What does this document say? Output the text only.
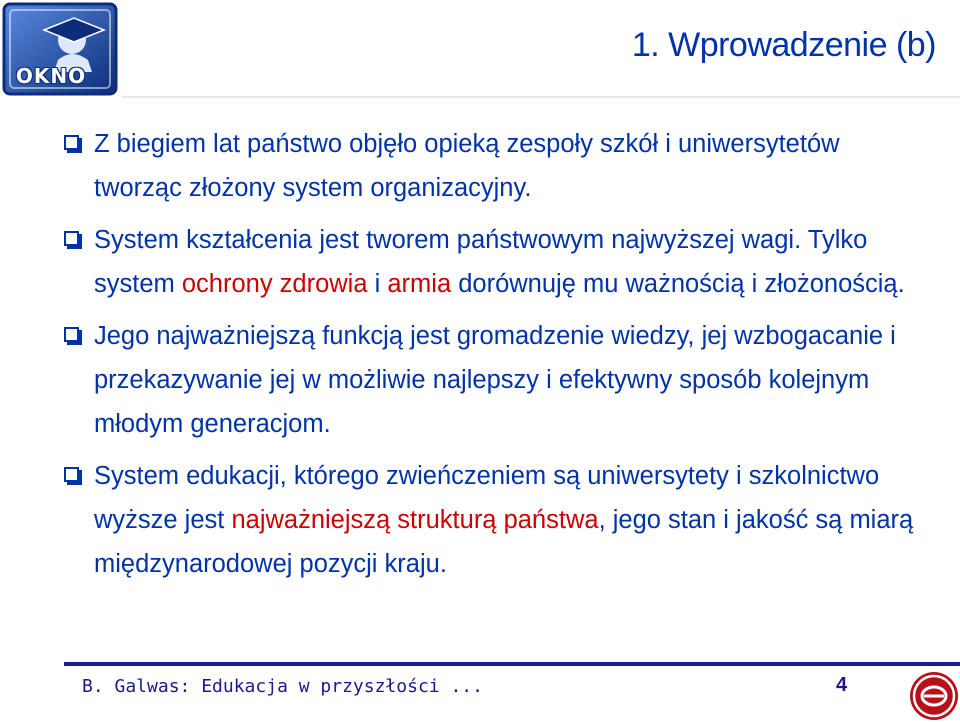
OKNO
1. Wprowadzenie (b)
Z biegiem lat państwo objęło opieką zespoły szkół i uniwersytetów tworząc złożony system organizacyjny.
System kształcenia jest tworem państwowym najwyższej wagi. Tylko system ochrony zdrowia i armia dorównuję mu ważnością i złożonością.
Jego najważniejszą funkcją jest gromadzenie wiedzy, jej wzbogacanie i przekazywanie jej w możliwie najlepszy i efektywny sposób kolejnym młodym generacjom.
System edukacji, którego zwieńczeniem są uniwersytety i szkolnictwo wyższe jest najważniejszą strukturą państwa, jego stan i jakość są miarą międzynarodowej pozycji kraju.
B. Galwas: Edukacja w przyszłości ...	4
